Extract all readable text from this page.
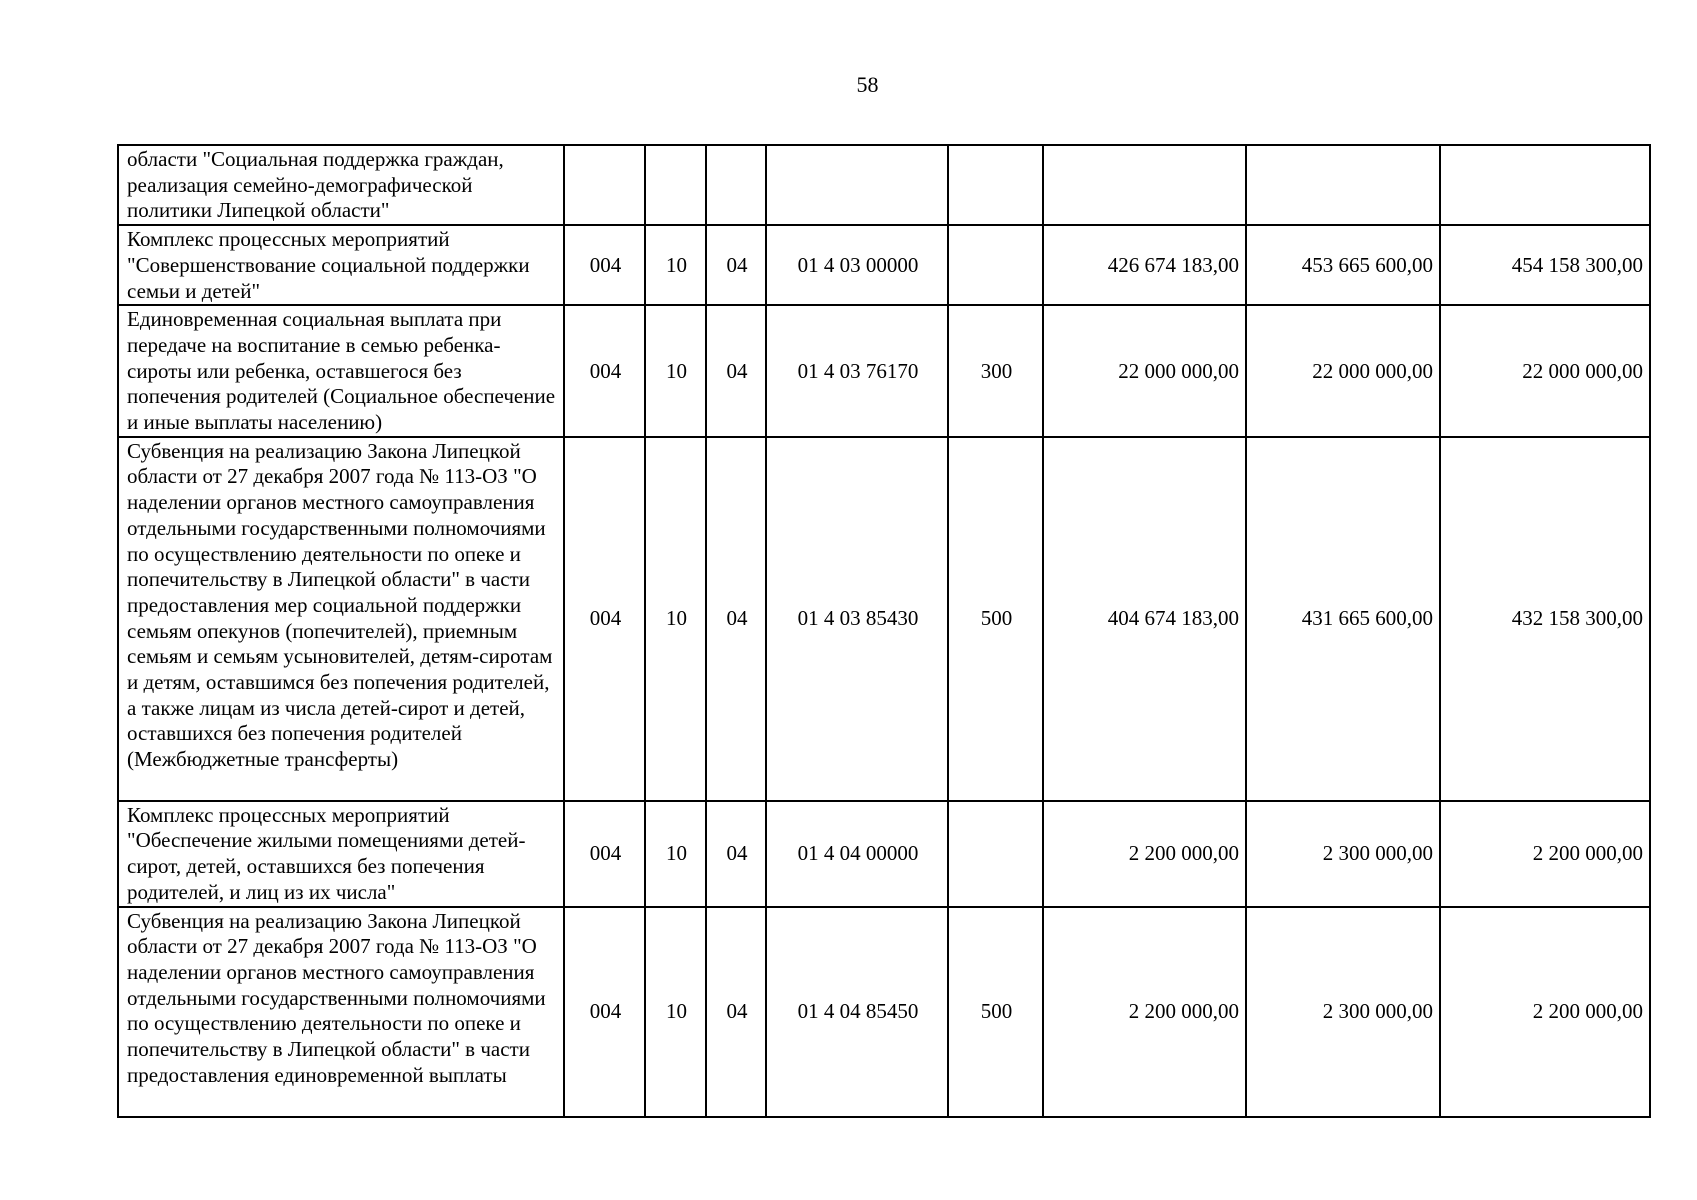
58
области "Социальная поддержка граждан, реализация семейно-демографической политики Липецкой области"								
Комплекс процессных мероприятий "Совершенствование социальной поддержки семьи и детей"	004	10	04	01 4 03 00000		426 674 183,00	453 665 600,00	454 158 300,00
Единовременная социальная выплата при передаче на воспитание в семью ребенка-сироты или ребенка, оставшегося без попечения родителей (Социальное обеспечение и иные выплаты населению)	004	10	04	01 4 03 76170	300	22 000 000,00	22 000 000,00	22 000 000,00
Субвенция на реализацию Закона Липецкой области от 27 декабря 2007 года № 113-ОЗ "О наделении органов местного самоуправления отдельными государственными полномочиями по осуществлению деятельности по опеке и попечительству в Липецкой области" в части предоставления мер социальной поддержки семьям опекунов (попечителей), приемным семьям и семьям усыновителей, детям-сиротам и детям, оставшимся без попечения родителей, а также лицам из числа детей-сирот и детей, оставшихся без попечения родителей (Межбюджетные трансферты)	004	10	04	01 4 03 85430	500	404 674 183,00	431 665 600,00	432 158 300,00
Комплекс процессных мероприятий "Обеспечение жилыми помещениями детей-сирот, детей, оставшихся без попечения родителей, и лиц из их числа"	004	10	04	01 4 04 00000		2 200 000,00	2 300 000,00	2 200 000,00
Субвенция на реализацию Закона Липецкой области от 27 декабря 2007 года № 113-ОЗ "О наделении органов местного самоуправления отдельными государственными полномочиями по осуществлению деятельности по опеке и попечительству в Липецкой области" в части предоставления единовременной выплаты	004	10	04	01 4 04 85450	500	2 200 000,00	2 300 000,00	2 200 000,00
